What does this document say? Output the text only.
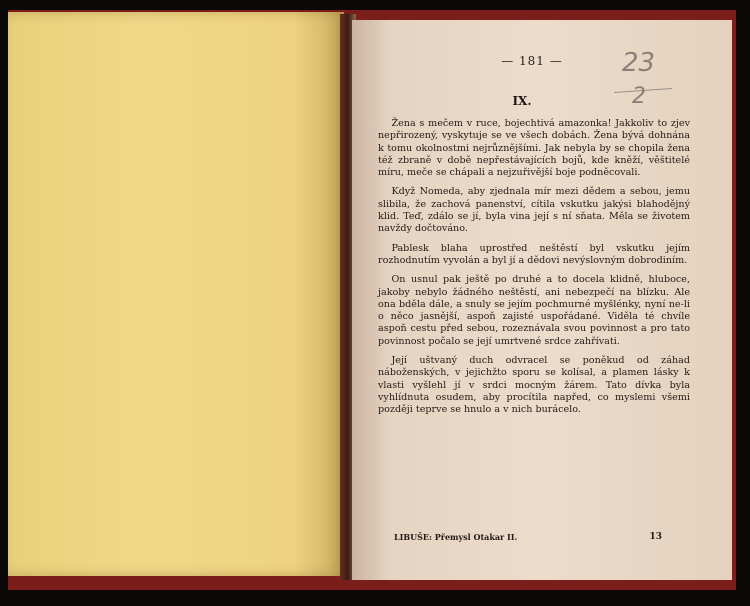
— 181 —	23
2
IX.

Žena s mečem v ruce, bojechtivá amazonka! Jakkoliv to zjev nepřirozený, vyskytuje se ve všech dobách. Žena bývá dohnána k tomu okolnostmi nejrůznějšími. Jak nebyla by se chopila žena též zbraně v době nepřestávajících bojů, kde kněží, věštitelé míru, meče se chápali a nejzuřivější boje podněcovali.

Když Nomeda, aby zjednala mír mezi dědem a sebou, jemu slibila, že zachová panenství, cítila vskutku jakýsi blahodějný klid. Teď, zdálo se jí, byla vina její s ní sňata. Měla se životem navždy dočtováno.

Pablesk blaha uprostřed neštěstí byl vskutku jejím rozhodnutím vyvolán a byl jí a dědovi nevýslovným dobrodiním.

On usnul pak ještě po druhé a to docela klidně, hluboce, jakoby nebylo žádného neštěstí, ani nebezpečí na blízku. Ale ona bděla dále, a snuly se jejím pochmurné myšlénky, nyní ne-li o něco jasnější, aspoň zajisté uspořádané. Viděla té chvíle aspoň cestu před sebou, rozeznávala svou povinnost a pro tato povinnost počalo se její umrtvené srdce zahřívati.

Její uštvaný duch odvracel se poněkud od záhad náboženských, v jejichžto sporu se kolísal, a plamen lásky k vlasti vyšlehl jí v srdci mocným žárem. Tato dívka byla vyhlídnuta osudem, aby procítila napřed, co myslemi všemi později teprve se hnulo a v nich burácelo.

LIBUŠE: Přemysl Otakar II.	13
